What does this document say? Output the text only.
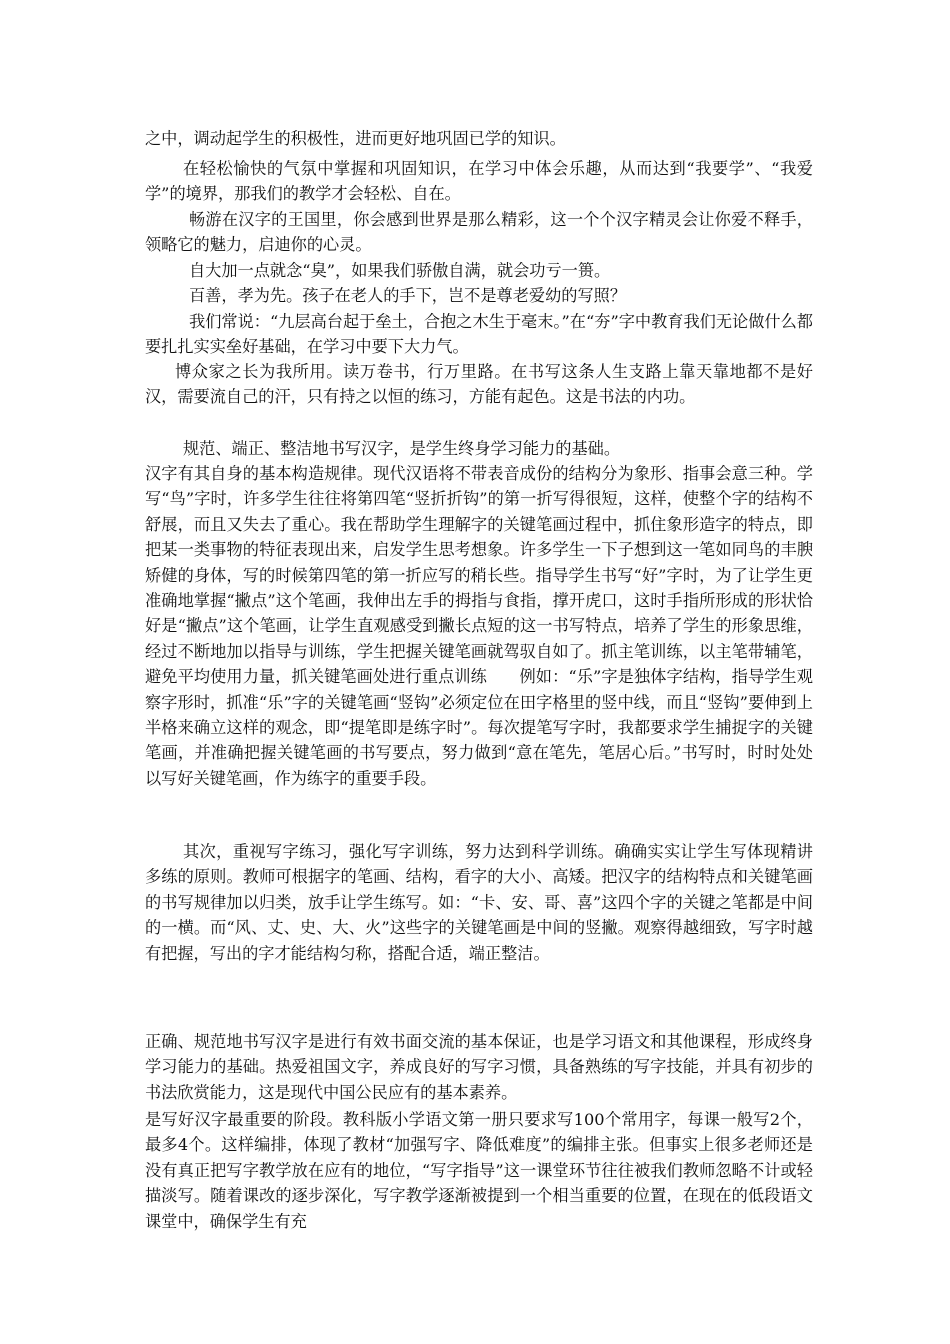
之中，调动起学生的积极性，进而更好地巩固已学的知识。

在轻松愉快的气氛中掌握和巩固知识，在学习中体会乐趣，从而达到“我要学”、“我爱学”的境界，那我们的教学才会轻松、自在。

畅游在汉字的王国里，你会感到世界是那么精彩，这一个个汉字精灵会让你爱不释手，领略它的魅力，启迪你的心灵。

自大加一点就念“臭”，如果我们骄傲自满，就会功亏一篑。

百善，孝为先。孩子在老人的手下，岂不是尊老爱幼的写照？

我们常说：“九层高台起于垒土，合抱之木生于毫末。”在“夯”字中教育我们无论做什么都要扎扎实实垒好基础，在学习中要下大力气。

博众家之长为我所用。读万卷书，行万里路。在书写这条人生支路上靠天靠地都不是好汉，需要流自己的汗，只有持之以恒的练习，方能有起色。这是书法的内功。

规范、端正、整洁地书写汉字，是学生终身学习能力的基础。

汉字有其自身的基本构造规律。现代汉语将不带表音成份的结构分为象形、指事会意三种。学写“鸟”字时，许多学生往往将第四笔“竖折折钩”的第一折写得很短，这样，使整个字的结构不舒展，而且又失去了重心。我在帮助学生理解字的关键笔画过程中，抓住象形造字的特点，即把某一类事物的特征表现出来，启发学生思考想象。许多学生一下子想到这一笔如同鸟的丰腴矫健的身体，写的时候第四笔的第一折应写的稍长些。指导学生书写“好”字时，为了让学生更准确地掌握“撇点”这个笔画，我伸出左手的拇指与食指，撑开虎口，这时手指所形成的形状恰好是“撇点”这个笔画，让学生直观感受到撇长点短的这一书写特点，培养了学生的形象思维，经过不断地加以指导与训练，学生把握关键笔画就驾驭自如了。抓主笔训练，以主笔带辅笔，避免平均使用力量，抓关键笔画处进行重点训练　　例如：“乐”字是独体字结构，指导学生观察字形时，抓准“乐”字的关键笔画“竖钩”必须定位在田字格里的竖中线，而且“竖钩”要伸到上半格来确立这样的观念，即“提笔即是练字时”。每次提笔写字时，我都要求学生捕捉字的关键笔画，并准确把握关键笔画的书写要点，努力做到“意在笔先，笔居心后。”书写时，时时处处以写好关键笔画，作为练字的重要手段。

其次，重视写字练习，强化写字训练，努力达到科学训练。确确实实让学生写体现精讲多练的原则。教师可根据字的笔画、结构，看字的大小、高矮。把汉字的结构特点和关键笔画的书写规律加以归类，放手让学生练写。如：“卡、安、哥、喜”这四个字的关键之笔都是中间的一横。而“风、丈、史、大、火”这些字的关键笔画是中间的竖撇。观察得越细致，写字时越有把握，写出的字才能结构匀称，搭配合适，端正整洁。

正确、规范地书写汉字是进行有效书面交流的基本保证，也是学习语文和其他课程，形成终身学习能力的基础。热爱祖国文字，养成良好的写字习惯，具备熟练的写字技能，并具有初步的书法欣赏能力，这是现代中国公民应有的基本素养。

是写好汉字最重要的阶段。教科版小学语文第一册只要求写100个常用字，每课一般写2个，最多4个。这样编排，体现了教材“加强写字、降低难度”的编排主张。但事实上很多老师还是没有真正把写字教学放在应有的地位，“写字指导”这一课堂环节往往被我们教师忽略不计或轻描淡写。随着课改的逐步深化，写字教学逐渐被提到一个相当重要的位置，在现在的低段语文课堂中，确保学生有充
